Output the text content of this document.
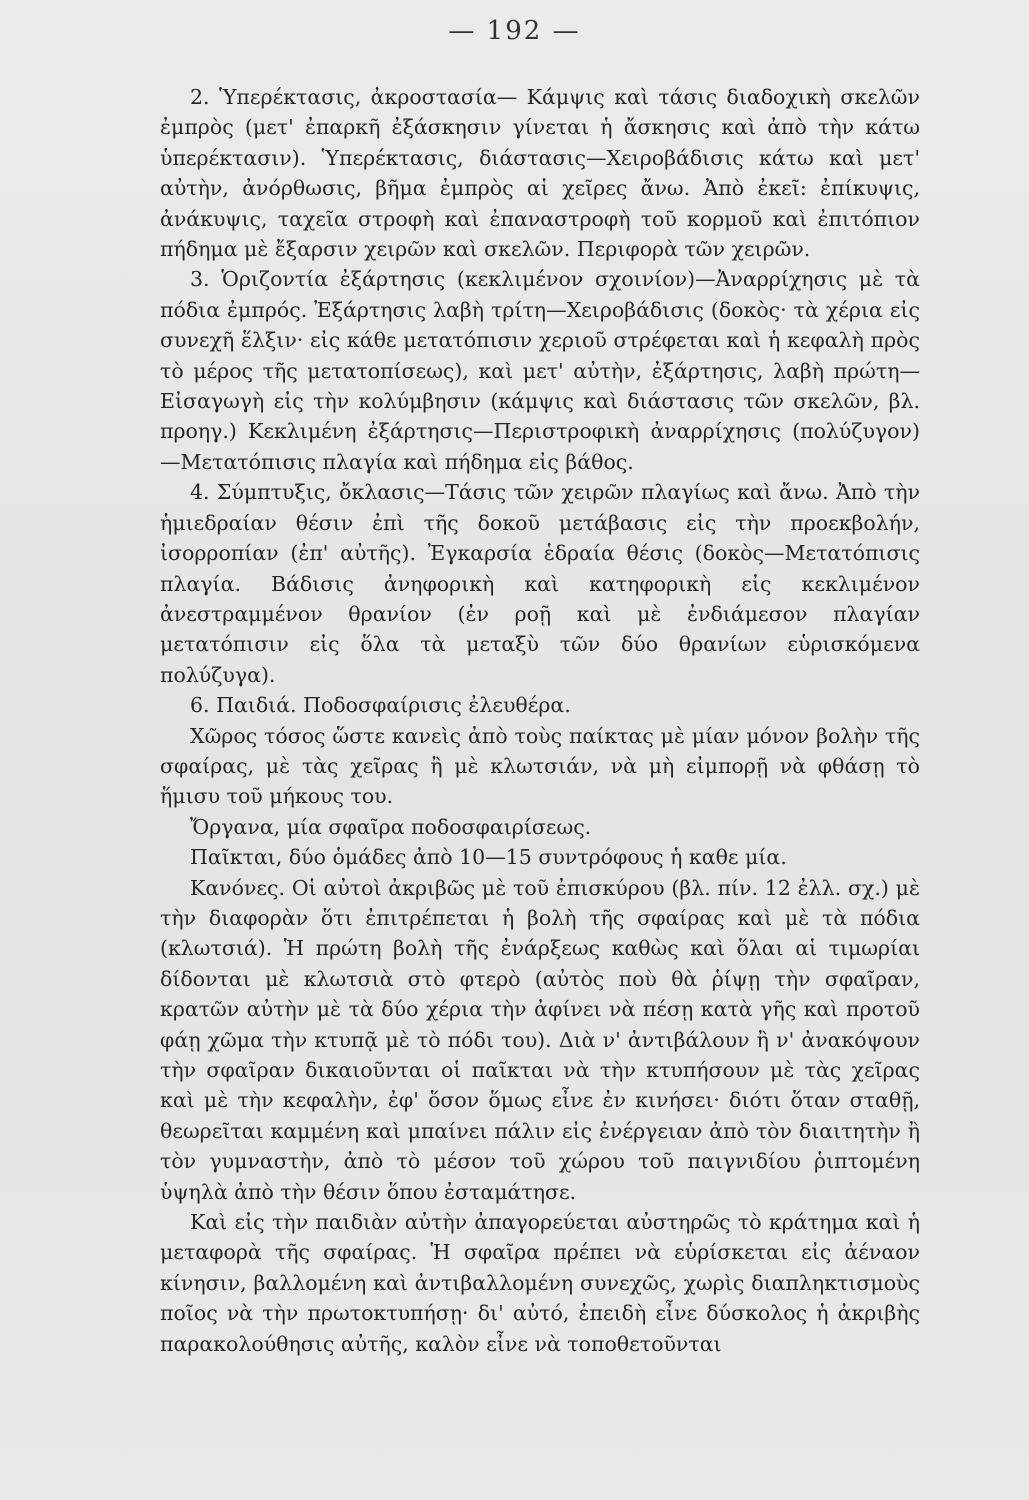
— 192 —

2. Ὑπερέκτασις, ἀκροστασία— Κάμψις καὶ τάσις διαδοχικὴ σκελῶν ἐμπρὸς (μετ' ἐπαρκῆ ἐξάσκησιν γίνεται ἡ ἄσκησις καὶ ἀπὸ τὴν κάτω ὑπερέκτασιν). Ὑπερέκτασις, διάστασις—Χειροβάδισις κάτω καὶ μετ' αὐτὴν, ἀνόρθωσις, βῆμα ἐμπρὸς αἱ χεῖρες ἄνω. Ἀπὸ ἐκεῖ: ἐπίκυψις, ἀνάκυψις, ταχεῖα στροφὴ καὶ ἐπαναστροφὴ τοῦ κορμοῦ καὶ ἐπιτόπιον πήδημα μὲ ἔξαρσιν χειρῶν καὶ σκελῶν. Περιφορὰ τῶν χειρῶν.

3. Ὁριζοντία ἐξάρτησις (κεκλιμένον σχοινίον)—Ἀναρρίχησις μὲ τὰ πόδια ἐμπρός. Ἐξάρτησις λαβὴ τρίτη—Χειροβάδισις (δοκὸς· τὰ χέρια εἰς συνεχῆ ἕλξιν· εἰς κάθε μετατόπισιν χεριοῦ στρέφεται καὶ ἡ κεφαλὴ πρὸς τὸ μέρος τῆς μετατοπίσεως), καὶ μετ' αὐτὴν, ἐξάρτησις, λαβὴ πρώτη—Εἰσαγωγὴ εἰς τὴν κολύμβησιν (κάμψις καὶ διάστασις τῶν σκελῶν, βλ. προηγ.) Κεκλιμένη ἐξάρτησις—Περιστροφικὴ ἀναρρίχησις (πολύζυγον)—Μετατόπισις πλαγία καὶ πήδημα εἰς βάθος.

4. Σύμπτυξις, ὄκλασις—Τάσις τῶν χειρῶν πλαγίως καὶ ἄνω. Ἀπὸ τὴν ἡμιεδραίαν θέσιν ἐπὶ τῆς δοκοῦ μετάβασις εἰς τὴν προεκβολήν, ἰσορροπίαν (ἐπ' αὐτῆς). Ἐγκαρσία ἑδραία θέσις (δοκὸς—Μετατόπισις πλαγία. Βάδισις ἀνηφορικὴ καὶ κατηφορικὴ εἰς κεκλιμένον ἀνεστραμμένον θρανίον (ἐν ροῇ καὶ μὲ ἐνδιάμεσον πλαγίαν μετατόπισιν εἰς ὅλα τὰ μεταξὺ τῶν δύο θρανίων εὑρισκόμενα πολύζυγα).

6. Παιδιά. Ποδοσφαίρισις ἐλευθέρα.

Χῶρος τόσος ὥστε κανεὶς ἀπὸ τοὺς παίκτας μὲ μίαν μόνον βολὴν τῆς σφαίρας, μὲ τὰς χεῖρας ἢ μὲ κλωτσιάν, νὰ μὴ εἰμπορῇ νὰ φθάσῃ τὸ ἥμισυ τοῦ μήκους του.

Ὄργανα, μία σφαῖρα ποδοσφαιρίσεως.

Παῖκται, δύο ὁμάδες ἀπὸ 10—15 συντρόφους ἡ καθε μία.

Κανόνες. Οἱ αὐτοὶ ἀκριβῶς μὲ τοῦ ἐπισκύρου (βλ. πίν. 12 ἐλλ. σχ.) μὲ τὴν διαφορὰν ὅτι ἐπιτρέπεται ἡ βολὴ τῆς σφαίρας καὶ μὲ τὰ πόδια (κλωτσιά). Ἡ πρώτη βολὴ τῆς ἐνάρξεως καθὼς καὶ ὅλαι αἱ τιμωρίαι δίδονται μὲ κλωτσιὰ στὸ φτερὸ (αὐτὸς ποὺ θὰ ῥίψῃ τὴν σφαῖραν, κρατῶν αὐτὴν μὲ τὰ δύο χέρια τὴν ἀφίνει νὰ πέσῃ κατὰ γῆς καὶ προτοῦ φάῃ χῶμα τὴν κτυπᾷ μὲ τὸ πόδι του). Διὰ ν' ἀντιβάλουν ἢ ν' ἀνακόψουν τὴν σφαῖραν δικαιοῦνται οἱ παῖκται νὰ τὴν κτυπήσουν μὲ τὰς χεῖρας καὶ μὲ τὴν κεφαλὴν, ἐφ' ὅσον ὅμως εἶνε ἐν κινήσει· διότι ὅταν σταθῇ, θεωρεῖται καμμένη καὶ μπαίνει πάλιν εἰς ἐνέργειαν ἀπὸ τὸν διαιτητὴν ἢ τὸν γυμναστὴν, ἀπὸ τὸ μέσον τοῦ χώρου τοῦ παιγνιδίου ῥιπτομένη ὑψηλὰ ἀπὸ τὴν θέσιν ὅπου ἐσταμάτησε.

Καὶ εἰς τὴν παιδιὰν αὐτὴν ἀπαγορεύεται αὐστηρῶς τὸ κράτημα καὶ ἡ μεταφορὰ τῆς σφαίρας. Ἡ σφαῖρα πρέπει νὰ εὑρίσκεται εἰς ἀέναον κίνησιν, βαλλομένη καὶ ἀντιβαλλομένη συνεχῶς, χωρὶς διαπληκτισμοὺς ποῖος νὰ τὴν πρωτοκτυπήσῃ· δι' αὐτό, ἐπειδὴ εἶνε δύσκολος ἡ ἀκριβὴς παρακολούθησις αὐτῆς, καλὸν εἶνε νὰ τοποθετοῦνται
